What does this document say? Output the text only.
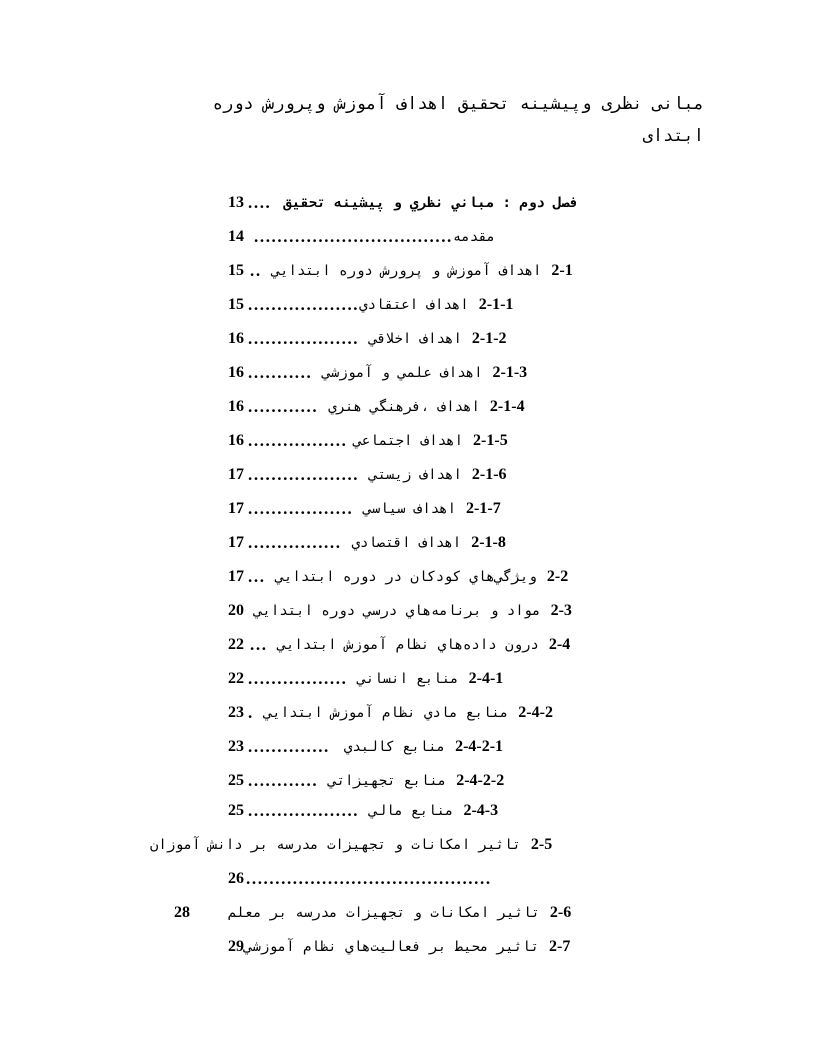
مبانی نظری وپیشینه تحقیق اهداف آموزش وپرورش دوره
ابتدای
13 .... فصل دوم : مباني نظري و پيشينه تحقيق
14 .................................. مقدمه
15 .. اهداف آموزش و پرورش دوره ابتدايي 2-1
15 ................... اهداف اعتقادي 2-1-1
16 ................... اهداف اخلاقي 2-1-2
16 ........... اهداف علمي و آموزشي 2-1-3
16 ............ اهداف ،فرهنگي هنري 2-1-4
16 ................. اهداف اجتماعي 2-1-5
17 ................... اهداف زيستي 2-1-6
17 .................. اهداف سياسي 2-1-7
17 ................ اهداف اقتصادي 2-1-8
17 ... ويژگي‌هاي كودكان در دوره ابتدايي 2-2
20 مواد و برنامه‌هاي درسي دوره ابتدايي 2-3
22 ... درون داده‌هاي نظام آموزش ابتدايي 2-4
22 ................. منابع انساني 2-4-1
23 . منابع مادي نظام آموزش ابتدايي 2-4-2
23 .............. منابع كالبدي 2-4-2-1
25 ............ منابع تجهيزاتي 2-4-2-2
25 ................... منابع مالي 2-4-3
تاثير امكانات و تجهيزات مدرسه بر دانش آموزان 2-5
26 ..........................................
28	تاثير امكانات و تجهيزات مدرسه بر معلم 2-6
29 تاثير محيط بر فعاليت‌هاي نظام آموزشي 2-7
